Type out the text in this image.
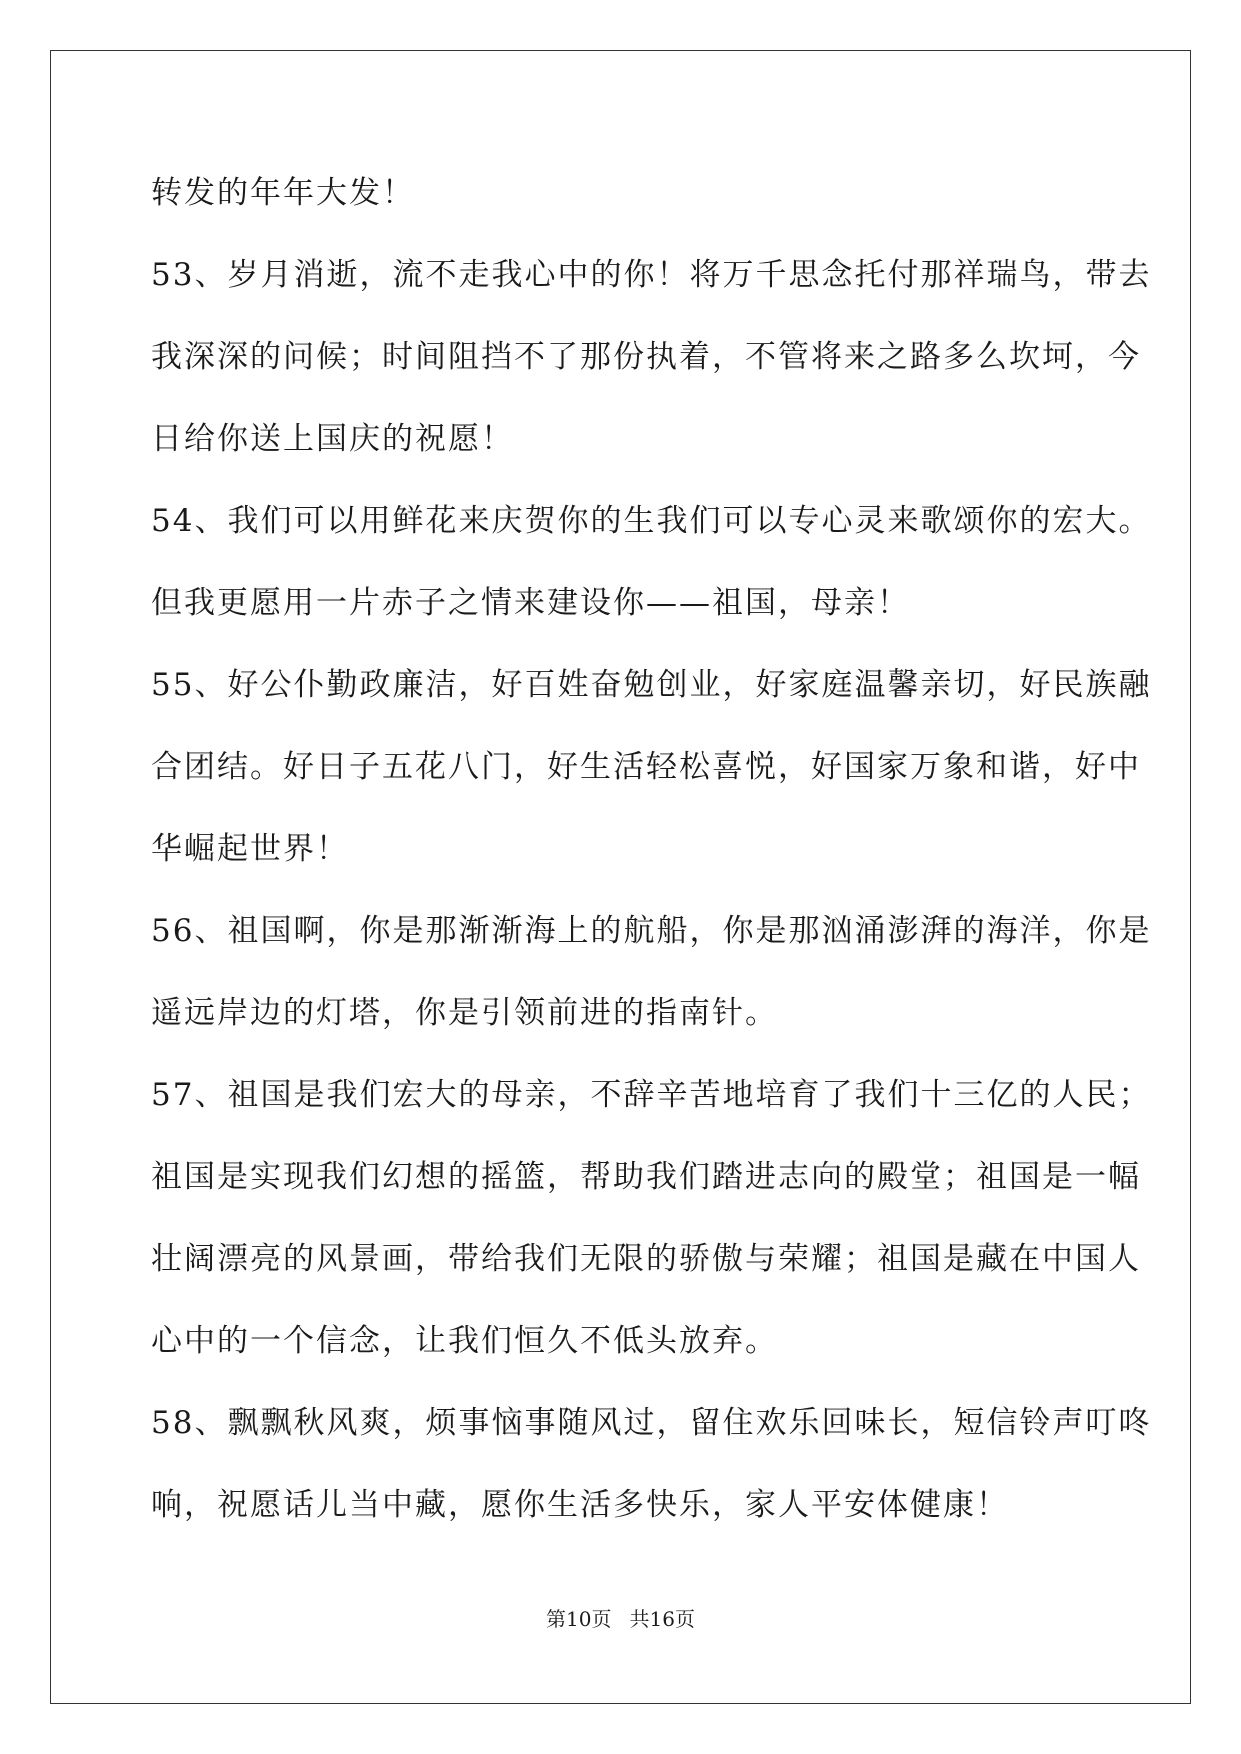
转发的年年大发！
53、岁月消逝，流不走我心中的你！将万千思念托付那祥瑞鸟，带去
我深深的问候；时间阻挡不了那份执着，不管将来之路多么坎坷，今
日给你送上国庆的祝愿！
54、我们可以用鲜花来庆贺你的生我们可以专心灵来歌颂你的宏大。
但我更愿用一片赤子之情来建设你——祖国，母亲！
55、好公仆勤政廉洁，好百姓奋勉创业，好家庭温馨亲切，好民族融
合团结。好日子五花八门，好生活轻松喜悦，好国家万象和谐，好中
华崛起世界！
56、祖国啊，你是那渐渐海上的航船，你是那汹涌澎湃的海洋，你是
遥远岸边的灯塔，你是引领前进的指南针。
57、祖国是我们宏大的母亲，不辞辛苦地培育了我们十三亿的人民；
祖国是实现我们幻想的摇篮，帮助我们踏进志向的殿堂；祖国是一幅
壮阔漂亮的风景画，带给我们无限的骄傲与荣耀；祖国是藏在中国人
心中的一个信念，让我们恒久不低头放弃。
58、飘飘秋风爽，烦事恼事随风过，留住欢乐回味长，短信铃声叮咚
响，祝愿话儿当中藏，愿你生活多快乐，家人平安体健康！
第10页 共16页
